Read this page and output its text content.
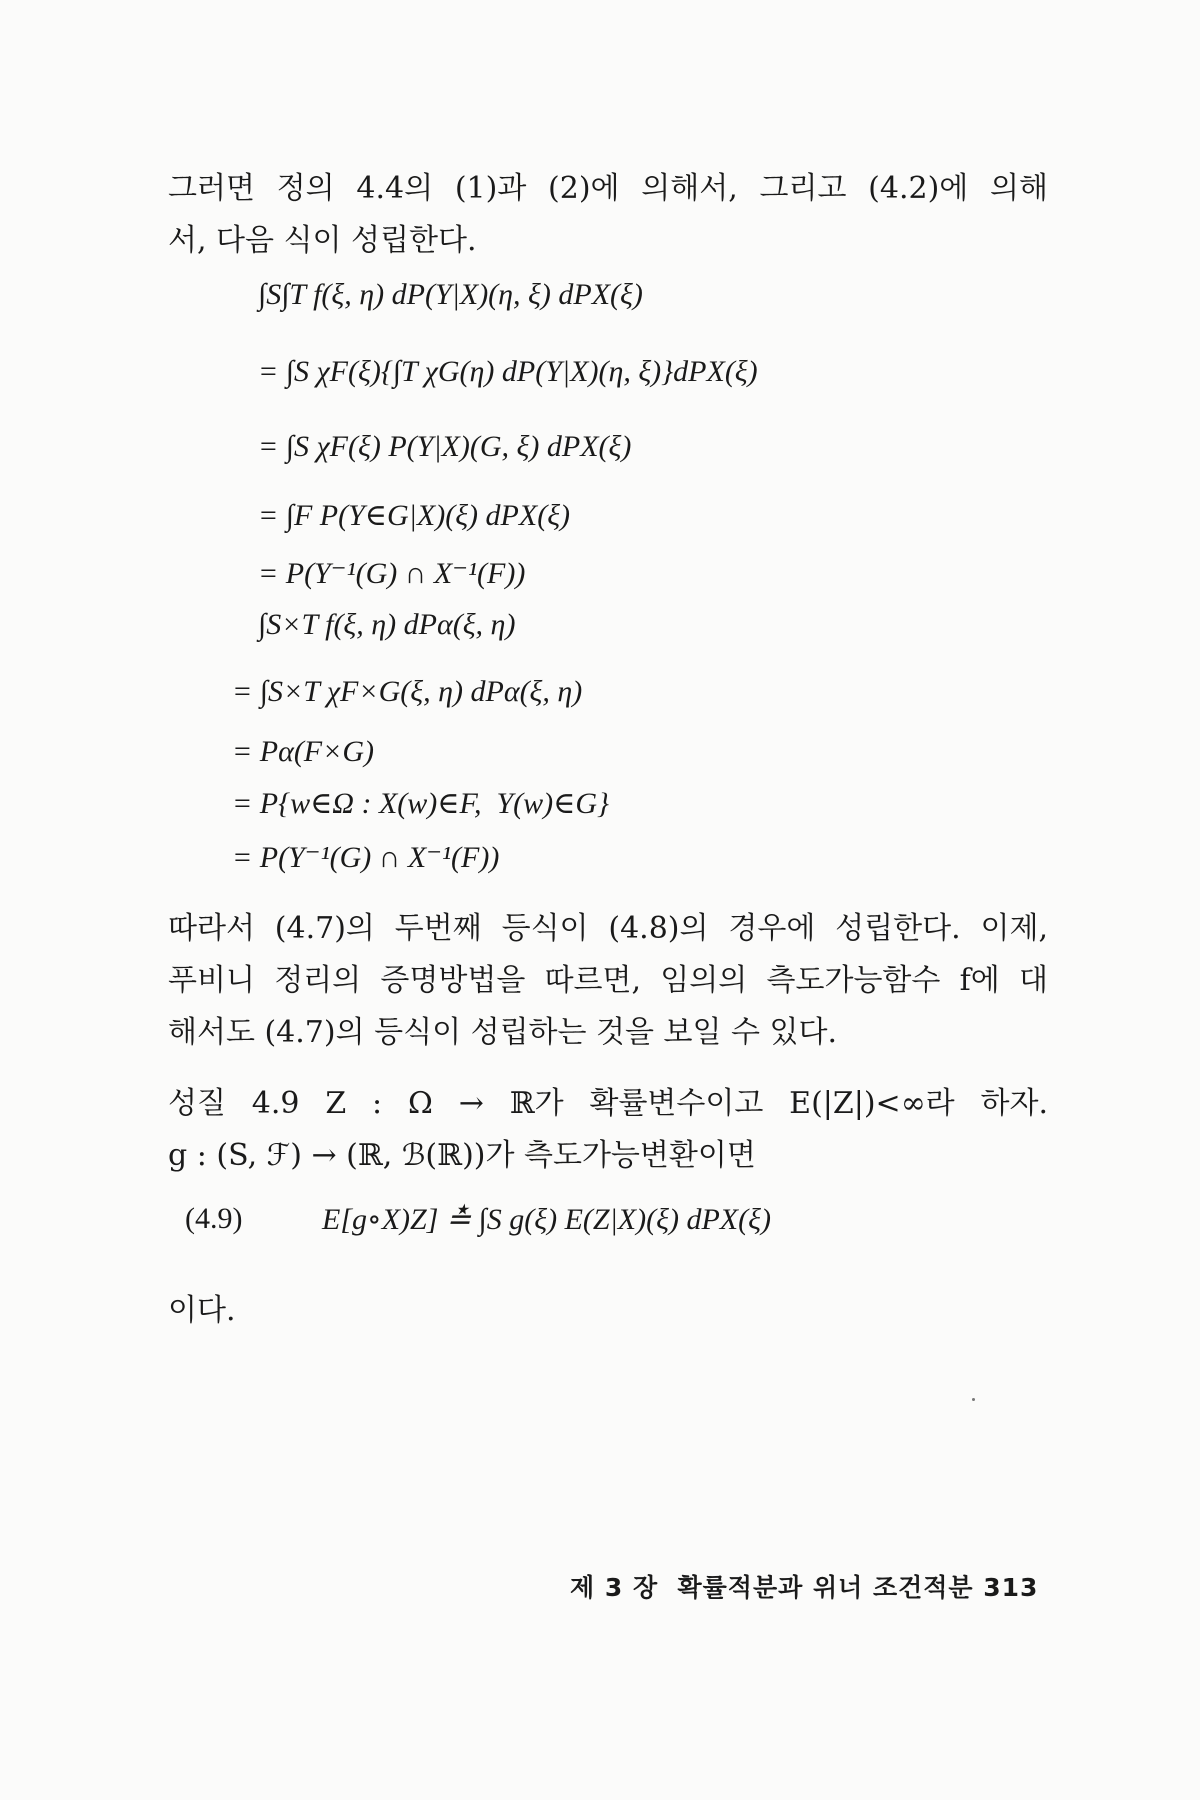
그러면 정의 4.4의 (1)과 (2)에 의해서, 그리고 (4.2)에 의해
서, 다음 식이 성립한다.
∫S∫T f(ξ, η) dP(Y|X)(η, ξ) dPX(ξ)
= ∫S χF(ξ){∫T χG(η) dP(Y|X)(η, ξ)}dPX(ξ)
= ∫S χF(ξ) P(Y|X)(G, ξ) dPX(ξ)
= ∫F P(Y∈G|X)(ξ) dPX(ξ)
= P(Y⁻¹(G) ∩ X⁻¹(F))
∫S×T f(ξ, η) dPα(ξ, η)
= ∫S×T χF×G(ξ, η) dPα(ξ, η)
= Pα(F×G)
= P{w∈Ω : X(w)∈F,  Y(w)∈G}
= P(Y⁻¹(G) ∩ X⁻¹(F))
따라서 (4.7)의 두번째 등식이 (4.8)의 경우에 성립한다. 이제,
푸비니 정리의 증명방법을 따르면, 임의의 측도가능함수 f에 대
해서도 (4.7)의 등식이 성립하는 것을 보일 수 있다.
성질 4.9 Z : Ω → ℝ가 확률변수이고 E(|Z|)<∞라 하자.
g : (S, ℱ) → (ℝ, ℬ(ℝ))가 측도가능변환이면
(4.9)	E[g∘X)Z] ≛ ∫S g(ξ) E(Z|X)(ξ) dPX(ξ)
이다.
제 3 장  확률적분과 위너 조건적분 313
